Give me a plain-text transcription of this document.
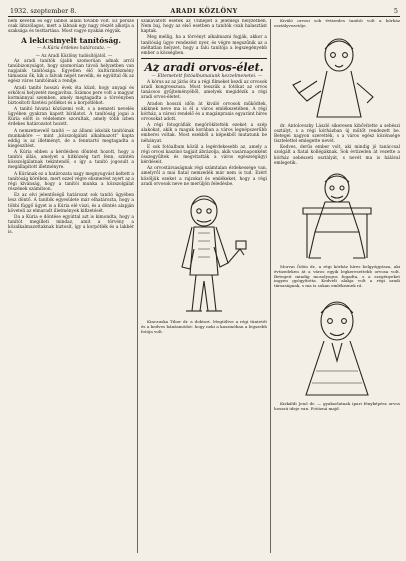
1932. szeptember 8.	ARADI KÖZLÖNY	5

nem kevetik és egy lábból állani tovább volt. Ez persze csak látszólagos, mert a lábnak egy nagy részét alkotja a szaksága és testtartása. Most vagye nyakán régyák.

A lekicsinyelt tanítóság.

— A Kúria érdekes határozata. —

— Az Aradi Közlöny tudósítójától. —

Az aradi tanítók újabb szomorúan adnak arról tanúbizonyságot, hogy szomorúan távoli helyzetben van napjaink tanítósága. Egyetlen élő kultúrintézmény támaszai ők, kik a falvak népét nevelik, és egyúttal ők az egész város tanítóinak a rendje.

Aradi tanító hosszú évek óta küzd, hogy anyagi és erkölcsi helyzetét megjavítsa. Számos pere volt a magyar kormánnyal szemben, amely megtagadta a törvényben biztosított fizetési pótlékot és a korpótlékot.

A tanító hivatal közüzemi volt, s a nemzeti nevelés ügyében gyakran kapott bírálatot. A tanítóság jogai a Kúria előtt is védelemre szorultak, amely több ízben érdekes határozatot hozott.

A nemzetnevelő tanító — az állami iskolák tanítóinak munkaköre — mint „közszolgálati alkalmazott” kapta eddig is az illetményt, de a fenntartó megtagadta a kiegészítést.

A Kúria ebben a kérdésben döntést hozott, hogy a tanítói állás, amelyet a hitközség tart fenn, szintén közszolgálatnak tekintendő, s így a tanító jogosult a megállapított illetményre.

A Kúrának ez a határozata nagy megnyugvást keltett a tanítóság körében, mert ezzel végre elismerést nyert az a régi kívánság, hogy a tanítói munka a közszolgálat részének számítson.

Ez az elvi jelentőségű határozat sok tanító ügyében lesz döntő. A tanítók egyesülete már elhatározta, hogy a többi függő ügyet is a Kúria elé viszi, és a döntés alapján követeli az elmaradt illetmények kifizetését.

Da a Kúria e döntése egyúttal azt is kimondta, hogy a tanítót megilleti mindaz, amit a törvény a közalkalmazottaknak biztosít, így a korpótlék és a lakbér is.

szakavatott esetek az Ünnepet a jelenlegi helyzetben. Nem baj, hogy az első esetben a tanítók csak halasztást kaptak.

Meg mellig, ha a törvényt alkalmazni fogják, akkor a tanítóság ügye rendezést nyer, és végre megszűnik az a méltatlan helyzet, hogy a falu tanítója a legszegényebb ember a községben.

Az aradi orvos-élet.

— Eltemetett fotóalbumaiunk kezzelmenetei. —

A kórus az az járás óta a régi filmeket kezdi az orvosok aradi kongresszusa. Most tesszük a fotókat az orvos tanácsos gyűjteményéből, amelyek megidézik a régi aradi orvos-életet.

Aradon hosszú időn át kiváló orvosok működtek, akiknek neve ma is él a város emlékezetében. A régi kórház, a városi rendelő és a magánpraxis egyaránt híres orvosokat adott.

A régi fotográfiák megörökítették ezeket a szép alakokat, akik a maguk korában a város legnépszerűbb emberei voltak. Most ezekből a képekből mutatunk be néhányat.

E sok fotóalbum közül a legérdekesebb az, amely a régi orvosi kaszinó tagjait ábrázolja, akik vasárnaponként összegyűltek és megvitatták a város egészségügyi kérdéseit.

Az orvostársaságnak régi számtalan érdekessége van, amelyről a mai fiatal nemzedék már nem is tud. Ezért közöljük ezeket a rajzokat és emlékeket, hogy a régi aradi orvosok neve ne merüljön feledésbe.

Kinczuska Tibor dr. a doktori. Megtöltve a régi tüntetőt és a kedves bánásmódot: hogy neki a kaszinóban a legszebb fotója volt.

Kiváló orvosi sok évtizedes tanítói volt a kórház osztályvezetője.

dr. Antolovszky László sikeresen kibővítette a sebészi osztályt, s a régi kórházban új műtőt rendezett be. Betegei nagyon szerették, s a város egész közönsége tisztelettel emlegette nevét.

Kedves, derűs ember volt, aki mindig jó tanáccsal szolgált a fiatal kollégáknak. Sok évtizeden át vezette a kórház sebészeti osztályát, s nevét ma is hálával emlegetik.

Morvai Ödön dr., a régi kórház híres belgyógyásza, aki évtizedeken át a város egyik legkeresettebb orvosa volt. Betegeit mindig mosolyogva fogadta, s a szegényeket ingyen gyógyította. Kedvelt alakja volt a régi aradi társaságnak, s ma is sokan emlékeznek rá.

Kiskáldi Jenő dr. — gyakorlatnak ipari fényképész orvos hosszú ideje van. Fotózná majd.
